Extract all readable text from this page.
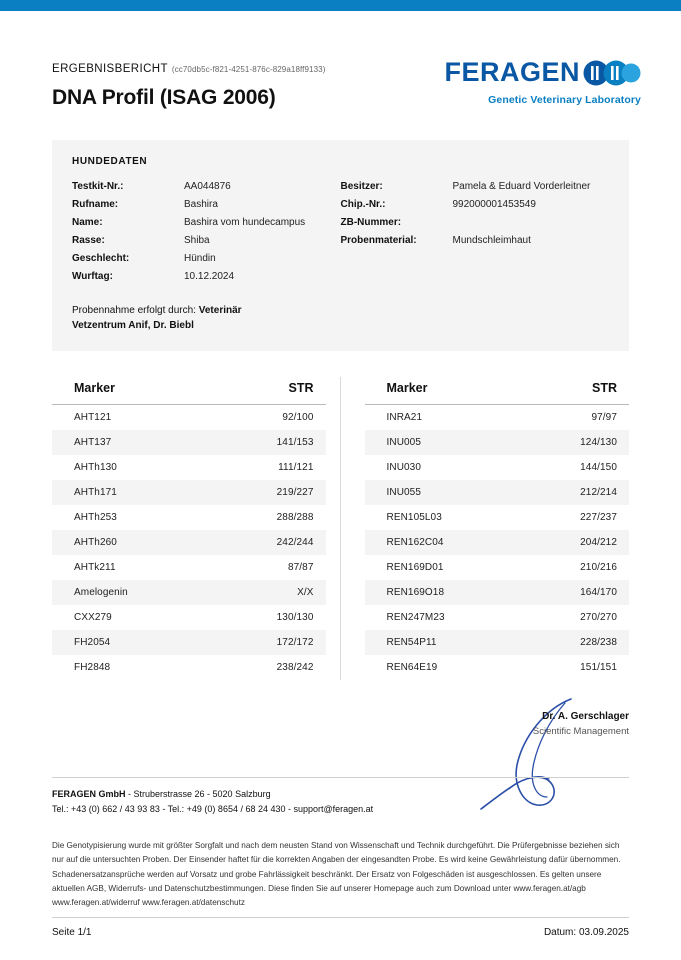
ERGEBNISBERICHT (cc70db5c-f821-4251-876c-829a18ff9133)
DNA Profil (ISAG 2006)
FERAGEN
Genetic Veterinary Laboratory
HUNDEDATEN
Testkit-Nr.:	AA044876
Rufname:	Bashira
Name:	Bashira vom hundecampus
Rasse:	Shiba
Geschlecht:	Hündin
Wurftag:	10.12.2024
Besitzer:	Pamela & Eduard Vorderleitner
Chip.-Nr.:	992000001453549
ZB-Nummer:
Probenmaterial:	Mundschleimhaut
Probennahme erfolgt durch: Veterinär
Vetzentrum Anif, Dr. Biebl
Marker	STR
AHT121	92/100
AHT137	141/153
AHTh130	111/121
AHTh171	219/227
AHTh253	288/288
AHTh260	242/244
AHTk211	87/87
Amelogenin	X/X
CXX279	130/130
FH2054	172/172
FH2848	238/242
Marker	STR
INRA21	97/97
INU005	124/130
INU030	144/150
INU055	212/214
REN105L03	227/237
REN162C04	204/212
REN169D01	210/216
REN169O18	164/170
REN247M23	270/270
REN54P11	228/238
REN64E19	151/151
Dr. A. Gerschlager
Scientific Management
FERAGEN GmbH - Struberstrasse 26 - 5020 Salzburg
Tel.: +43 (0) 662 / 43 93 83 - Tel.: +49 (0) 8654 / 68 24 430 - support@feragen.at
Die Genotypisierung wurde mit größter Sorgfalt und nach dem neusten Stand von Wissenschaft und Technik durchgeführt. Die Prüfergebnisse beziehen sich nur auf die untersuchten Proben. Der Einsender haftet für die korrekten Angaben der eingesandten Probe. Es wird keine Gewährleistung dafür übernommen. Schadenersatzansprüche werden auf Vorsatz und grobe Fahrlässigkeit beschränkt. Der Ersatz von Folgeschäden ist ausgeschlossen. Es gelten unsere aktuellen AGB, Widerrufs- und Datenschutzbestimmungen. Diese finden Sie auf unserer Homepage auch zum Download unter www.feragen.at/agb www.feragen.at/widerruf www.feragen.at/datenschutz
Seite 1/1	Datum: 03.09.2025
